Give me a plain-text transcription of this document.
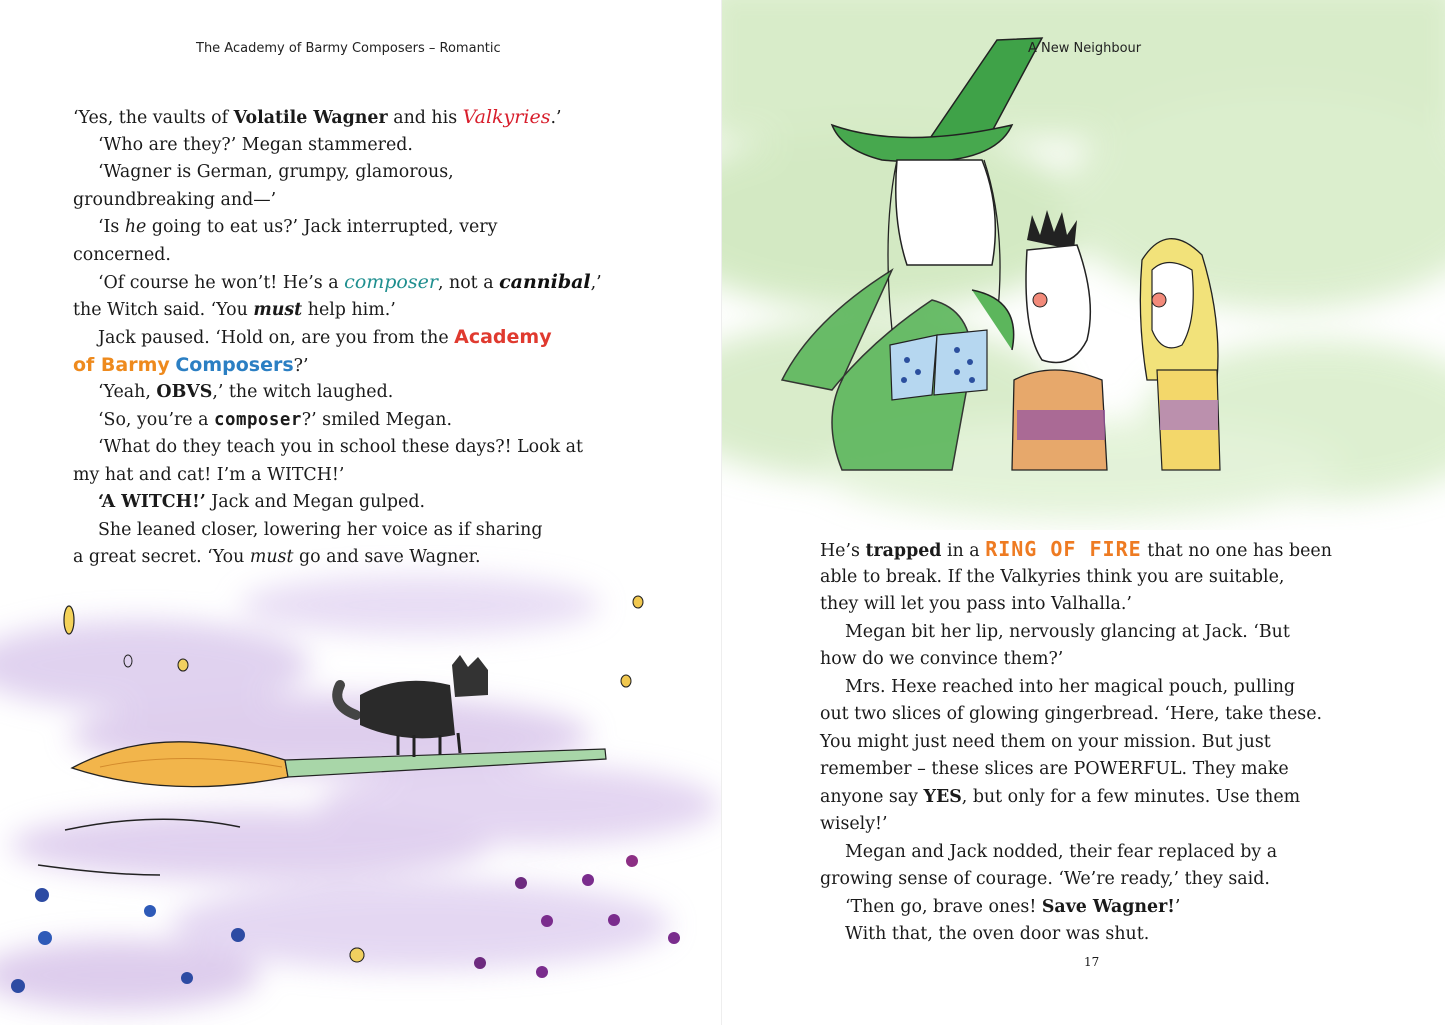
The Academy of Barmy Composers – Romantic
‘Yes, the vaults of Volatile Wagner and his Valkyries.’
‘Who are they?’ Megan stammered.
‘Wagner is German, grumpy, glamorous,
groundbreaking and—’
‘Is he going to eat us?’ Jack interrupted, very
concerned.
‘Of course he won’t! He’s a composer, not a cannibal,’
the Witch said. ‘You must help him.’
Jack paused. ‘Hold on, are you from the Academy
of Barmy Composers?’
‘Yeah, OBVS,’ the witch laughed.
‘So, you’re a composer?’ smiled Megan.
‘What do they teach you in school these days?! Look at
my hat and cat! I’m a WITCH!’
‘A WITCH!’ Jack and Megan gulped.
She leaned closer, lowering her voice as if sharing
a great secret. ‘You must go and save Wagner.
A New Neighbour
He’s trapped in a RING OF FIRE that no one has been
able to break. If the Valkyries think you are suitable,
they will let you pass into Valhalla.’
Megan bit her lip, nervously glancing at Jack. ‘But
how do we convince them?’
Mrs. Hexe reached into her magical pouch, pulling
out two slices of glowing gingerbread. ‘Here, take these.
You might just need them on your mission. But just
remember – these slices are POWERFUL. They make
anyone say YES, but only for a few minutes. Use them
wisely!’
Megan and Jack nodded, their fear replaced by a
growing sense of courage. ‘We’re ready,’ they said.
‘Then go, brave ones! Save Wagner!’
With that, the oven door was shut.
17
